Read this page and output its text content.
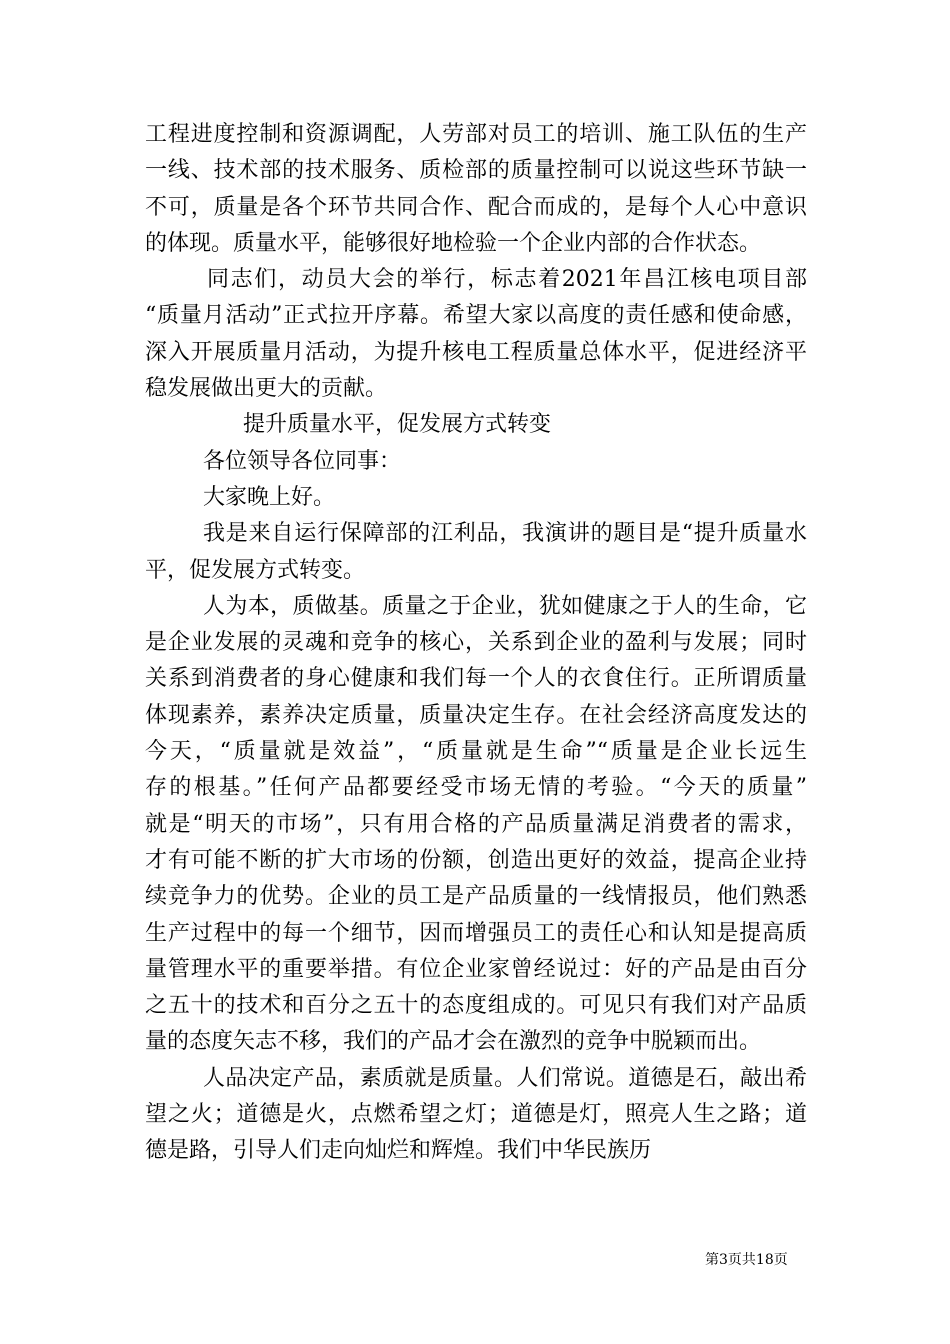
工程进度控制和资源调配，人劳部对员工的培训、施工队伍的生产
一线、技术部的技术服务、质检部的质量控制可以说这些环节缺一
不可，质量是各个环节共同合作、配合而成的，是每个人心中意识
的体现。质量水平，能够很好地检验一个企业内部的合作状态。
同志们，动员大会的举行，标志着2021年昌江核电项目部
“质量月活动”正式拉开序幕。希望大家以高度的责任感和使命感，
深入开展质量月活动，为提升核电工程质量总体水平，促进经济平
稳发展做出更大的贡献。
提升质量水平，促发展方式转变
各位领导各位同事：
大家晚上好。
我是来自运行保障部的江利品，我演讲的题目是“提升质量水
平，促发展方式转变。
人为本，质做基。质量之于企业，犹如健康之于人的生命，它
是企业发展的灵魂和竞争的核心，关系到企业的盈利与发展；同时
关系到消费者的身心健康和我们每一个人的衣食住行。正所谓质量
体现素养，素养决定质量，质量决定生存。在社会经济高度发达的
今天，“质量就是效益”，“质量就是生命”“质量是企业长远生
存的根基。”任何产品都要经受市场无情的考验。“今天的质量”
就是“明天的市场”，只有用合格的产品质量满足消费者的需求，
才有可能不断的扩大市场的份额，创造出更好的效益，提高企业持
续竞争力的优势。企业的员工是产品质量的一线情报员，他们熟悉
生产过程中的每一个细节，因而增强员工的责任心和认知是提高质
量管理水平的重要举措。有位企业家曾经说过：好的产品是由百分
之五十的技术和百分之五十的态度组成的。可见只有我们对产品质
量的态度矢志不移，我们的产品才会在激烈的竞争中脱颖而出。
人品决定产品，素质就是质量。人们常说。道德是石，敲出希
望之火；道德是火，点燃希望之灯；道德是灯，照亮人生之路；道
德是路，引导人们走向灿烂和辉煌。我们中华民族历
第3页共18页
